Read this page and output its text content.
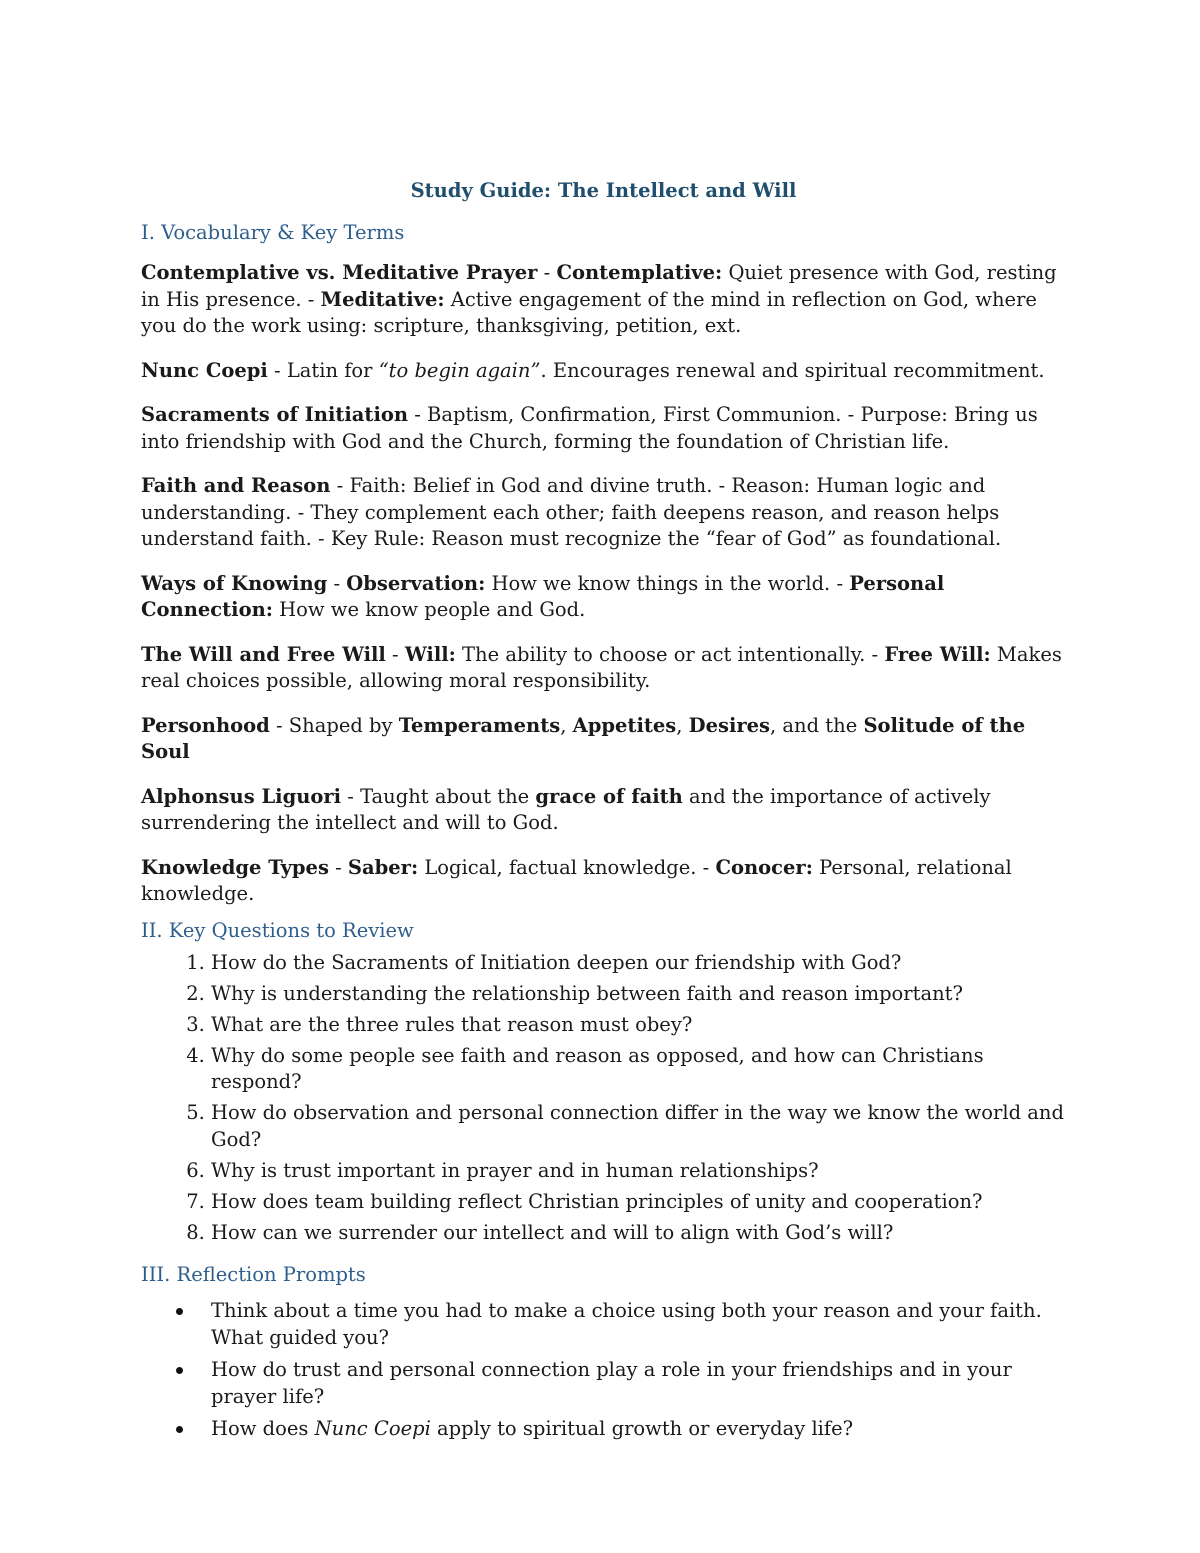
Study Guide: The Intellect and Will
I. Vocabulary & Key Terms

Contemplative vs. Meditative Prayer - Contemplative: Quiet presence with God, resting in His presence. - Meditative: Active engagement of the mind in reflection on God, where you do the work using: scripture, thanksgiving, petition, ext.

Nunc Coepi - Latin for “to begin again”. Encourages renewal and spiritual recommitment.

Sacraments of Initiation - Baptism, Confirmation, First Communion. - Purpose: Bring us into friendship with God and the Church, forming the foundation of Christian life.

Faith and Reason - Faith: Belief in God and divine truth. - Reason: Human logic and understanding. - They complement each other; faith deepens reason, and reason helps understand faith. - Key Rule: Reason must recognize the “fear of God” as foundational.

Ways of Knowing - Observation: How we know things in the world. - Personal Connection: How we know people and God.

The Will and Free Will - Will: The ability to choose or act intentionally. - Free Will: Makes real choices possible, allowing moral responsibility.

Personhood - Shaped by Temperaments, Appetites, Desires, and the Solitude of the Soul

Alphonsus Liguori - Taught about the grace of faith and the importance of actively surrendering the intellect and will to God.

Knowledge Types - Saber: Logical, factual knowledge. - Conocer: Personal, relational knowledge.

II. Key Questions to Review
1. How do the Sacraments of Initiation deepen our friendship with God?
2. Why is understanding the relationship between faith and reason important?
3. What are the three rules that reason must obey?
4. Why do some people see faith and reason as opposed, and how can Christians respond?
5. How do observation and personal connection differ in the way we know the world and God?
6. Why is trust important in prayer and in human relationships?
7. How does team building reflect Christian principles of unity and cooperation?
8. How can we surrender our intellect and will to align with God’s will?
III. Reflection Prompts
Think about a time you had to make a choice using both your reason and your faith. What guided you?
How do trust and personal connection play a role in your friendships and in your prayer life?
How does Nunc Coepi apply to spiritual growth or everyday life?
